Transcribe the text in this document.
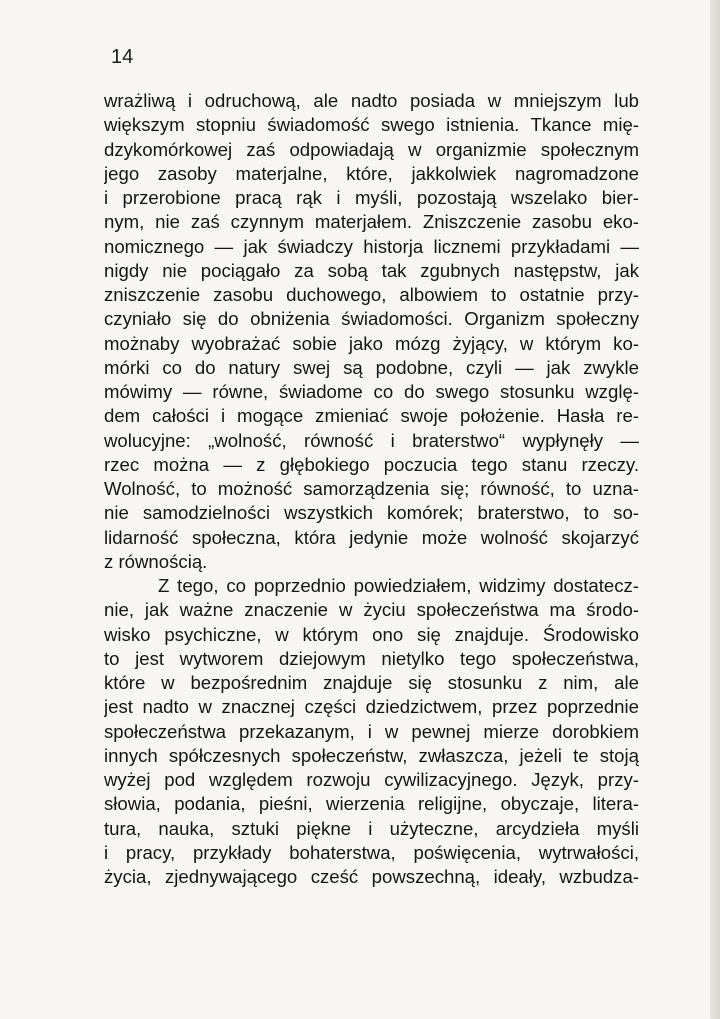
14

wrażliwą i odruchową, ale nadto posiada w mniejszym lub
większym stopniu świadomość swego istnienia. Tkance mię-
dzykomórkowej zaś odpowiadają w organizmie społecznym
jego zasoby materjalne, które, jakkolwiek nagromadzone
i przerobione pracą rąk i myśli, pozostają wszelako bier-
nym, nie zaś czynnym materjałem. Zniszczenie zasobu eko-
nomicznego — jak świadczy historja licznemi przykładami —
nigdy nie pociągało za sobą tak zgubnych następstw, jak
zniszczenie zasobu duchowego, albowiem to ostatnie przy-
czyniało się do obniżenia świadomości. Organizm społeczny
możnaby wyobrażać sobie jako mózg żyjący, w którym ko-
mórki co do natury swej są podobne, czyli — jak zwykle
mówimy — równe, świadome co do swego stosunku wzglę-
dem całości i mogące zmieniać swoje położenie. Hasła re-
wolucyjne: „wolność, równość i braterstwo“ wypłynęły —
rzec można — z głębokiego poczucia tego stanu rzeczy.
Wolność, to możność samorządzenia się; równość, to uzna-
nie samodzielności wszystkich komórek; braterstwo, to so-
lidarność społeczna, która jedynie może wolność skojarzyć
z równością.
Z tego, co poprzednio powiedziałem, widzimy dostatecz-
nie, jak ważne znaczenie w życiu społeczeństwa ma środo-
wisko psychiczne, w którym ono się znajduje. Środowisko
to jest wytworem dziejowym nietylko tego społeczeństwa,
które w bezpośrednim znajduje się stosunku z nim, ale
jest nadto w znacznej części dziedzictwem, przez poprzednie
społeczeństwa przekazanym, i w pewnej mierze dorobkiem
innych spółczesnych społeczeństw, zwłaszcza, jeżeli te stoją
wyżej pod względem rozwoju cywilizacyjnego. Język, przy-
słowia, podania, pieśni, wierzenia religijne, obyczaje, litera-
tura, nauka, sztuki piękne i użyteczne, arcydzieła myśli
i pracy, przykłady bohaterstwa, poświęcenia, wytrwałości,
życia, zjednywającego cześć powszechną, ideały, wzbudza-
